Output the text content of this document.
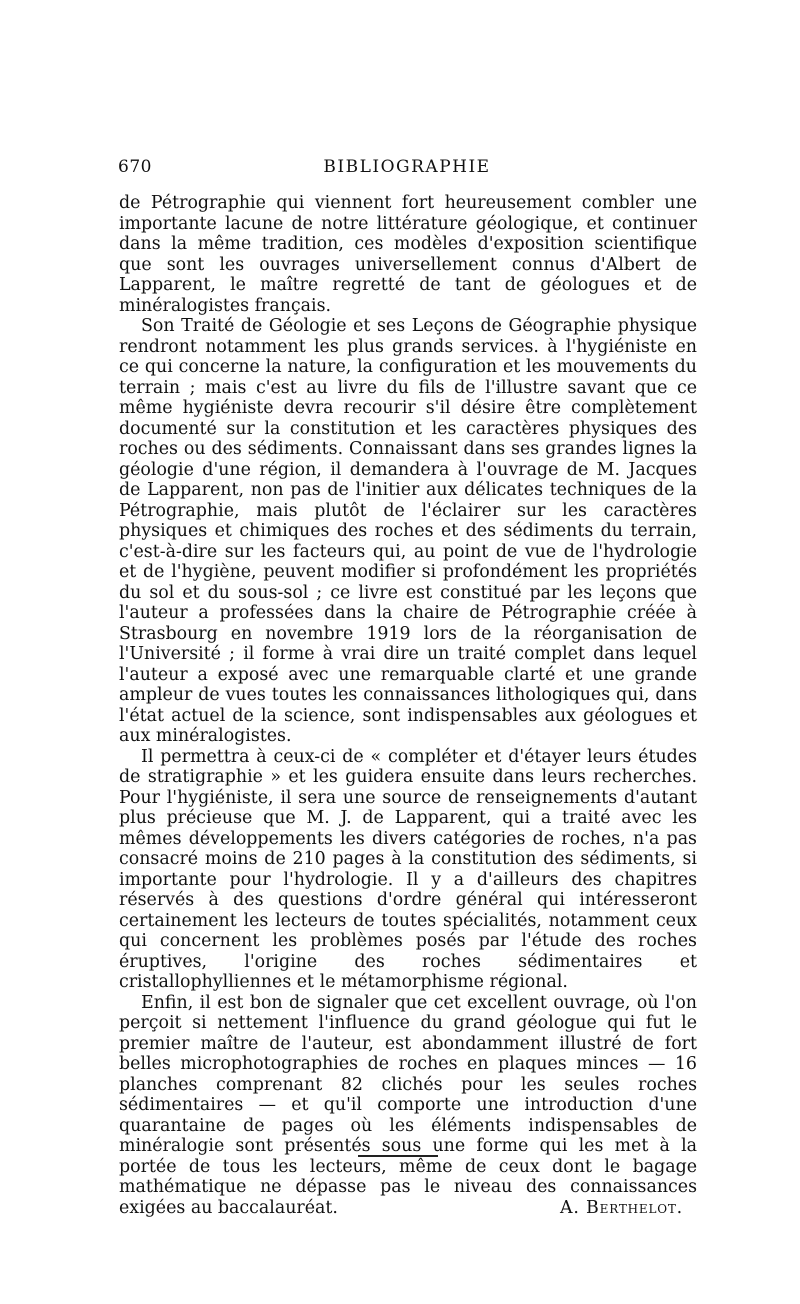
670	BIBLIOGRAPHIE

de Pétrographie qui viennent fort heureusement combler une importante lacune de notre littérature géologique, et continuer dans la même tradition, ces modèles d'exposition scientifique que sont les ouvrages universellement connus d'Albert de Lapparent, le maître regretté de tant de géologues et de minéralogistes français.

Son Traité de Géologie et ses Leçons de Géographie physique rendront notamment les plus grands services. à l'hygiéniste en ce qui concerne la nature, la configuration et les mouvements du terrain ; mais c'est au livre du fils de l'illustre savant que ce même hygiéniste devra recourir s'il désire être complètement documenté sur la constitution et les caractères physiques des roches ou des sédiments. Connaissant dans ses grandes lignes la géologie d'une région, il demandera à l'ouvrage de M. Jacques de Lapparent, non pas de l'initier aux délicates techniques de la Pétrographie, mais plutôt de l'éclairer sur les caractères physiques et chimiques des roches et des sédiments du terrain, c'est-à-dire sur les facteurs qui, au point de vue de l'hydrologie et de l'hygiène, peuvent modifier si profondément les propriétés du sol et du sous-sol ; ce livre est constitué par les leçons que l'auteur a professées dans la chaire de Pétrographie créée à Strasbourg en novembre 1919 lors de la réorganisation de l'Université ; il forme à vrai dire un traité complet dans lequel l'auteur a exposé avec une remarquable clarté et une grande ampleur de vues toutes les connaissances lithologiques qui, dans l'état actuel de la science, sont indispensables aux géologues et aux minéralogistes.

Il permettra à ceux-ci de « compléter et d'étayer leurs études de stratigraphie » et les guidera ensuite dans leurs recherches. Pour l'hygiéniste, il sera une source de renseignements d'autant plus précieuse que M. J. de Lapparent, qui a traité avec les mêmes développements les divers catégories de roches, n'a pas consacré moins de 210 pages à la constitution des sédiments, si importante pour l'hydrologie. Il y a d'ailleurs des chapitres réservés à des questions d'ordre général qui intéresseront certainement les lecteurs de toutes spécialités, notamment ceux qui concernent les problèmes posés par l'étude des roches éruptives, l'origine des roches sédimentaires et cristallophylliennes et le métamorphisme régional.

Enfin, il est bon de signaler que cet excellent ouvrage, où l'on perçoit si nettement l'influence du grand géologue qui fut le premier maître de l'auteur, est abondamment illustré de fort belles microphotographies de roches en plaques minces — 16 planches comprenant 82 clichés pour les seules roches sédimentaires — et qu'il comporte une introduction d'une quarantaine de pages où les éléments indispensables de minéralogie sont présentés sous une forme qui les met à la portée de tous les lecteurs, même de ceux dont le bagage mathématique ne dépasse pas le niveau des connaissances exigées au baccalauréat.	A. Berthelot.
